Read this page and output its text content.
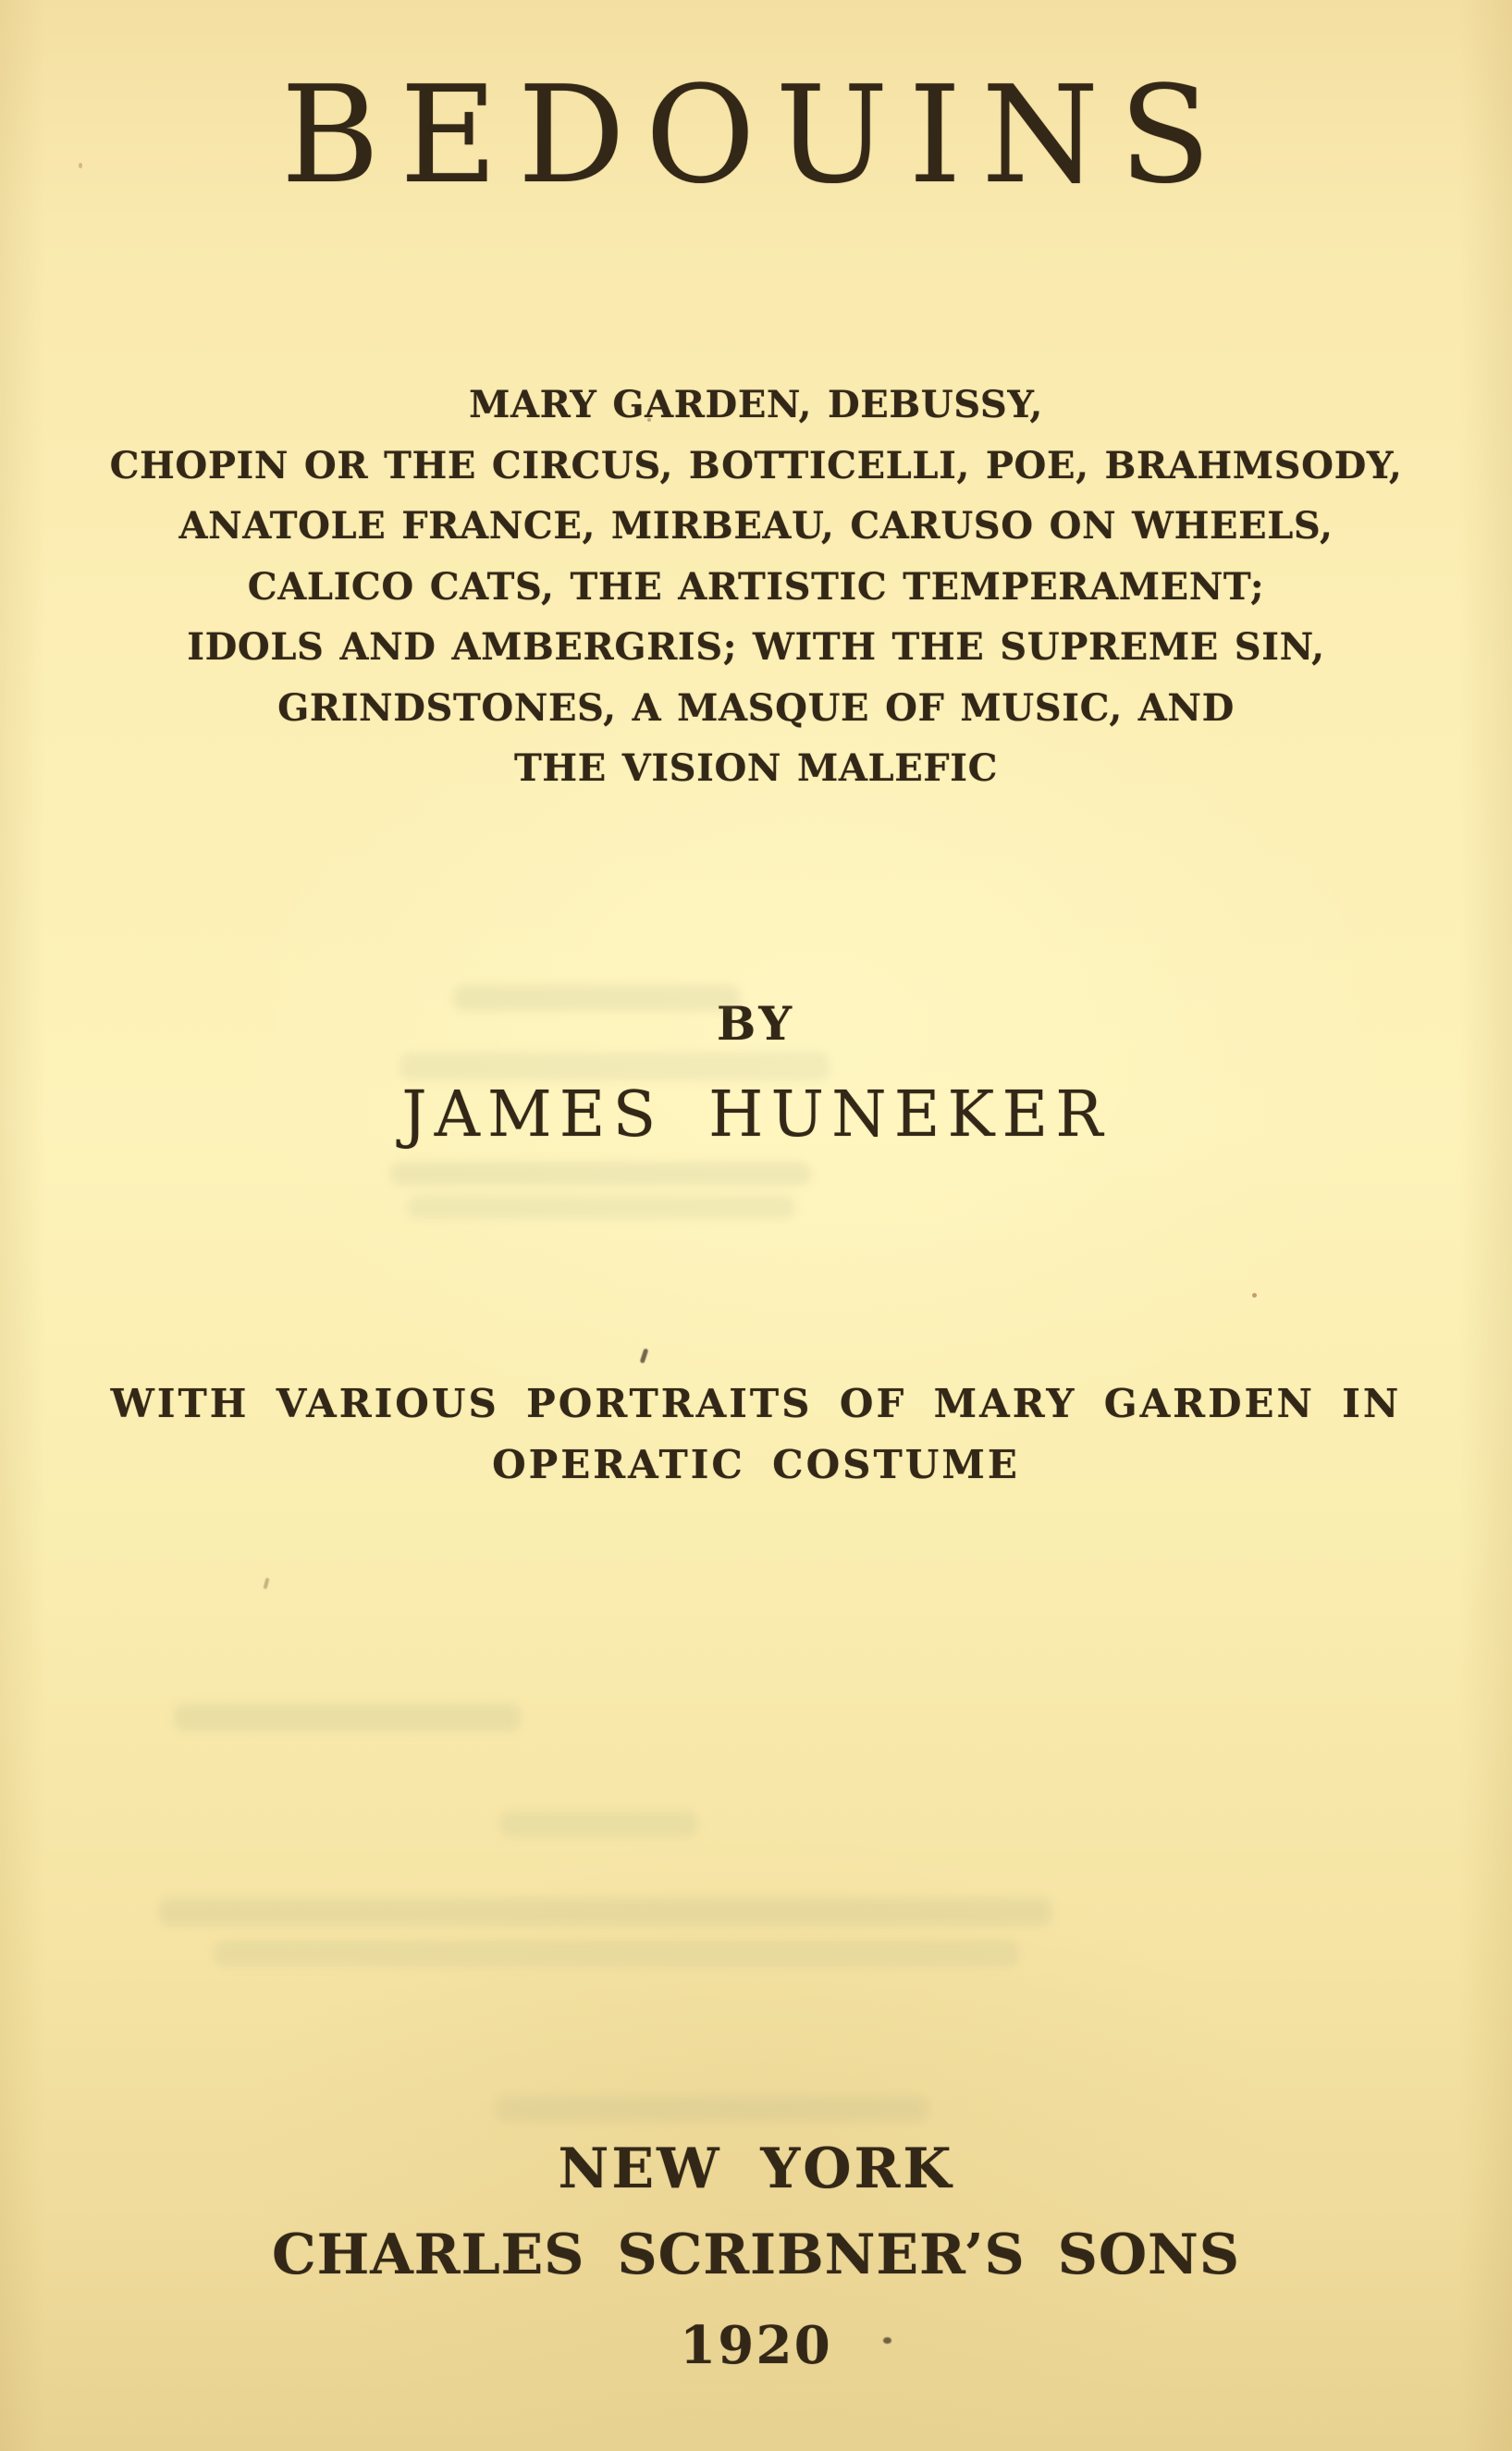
BEDOUINS

MARY GARDEN, DEBUSSY,

CHOPIN OR THE CIRCUS, BOTTICELLI, POE, BRAHMSODY,

ANATOLE FRANCE, MIRBEAU, CARUSO ON WHEELS,

CALICO CATS, THE ARTISTIC TEMPERAMENT;

IDOLS AND AMBERGRIS; WITH THE SUPREME SIN,

GRINDSTONES, A MASQUE OF MUSIC, AND

THE VISION MALEFIC

BY
JAMES HUNEKER

WITH VARIOUS PORTRAITS OF MARY GARDEN IN

OPERATIC COSTUME

NEW YORK
CHARLES SCRIBNER’S SONS
1920
